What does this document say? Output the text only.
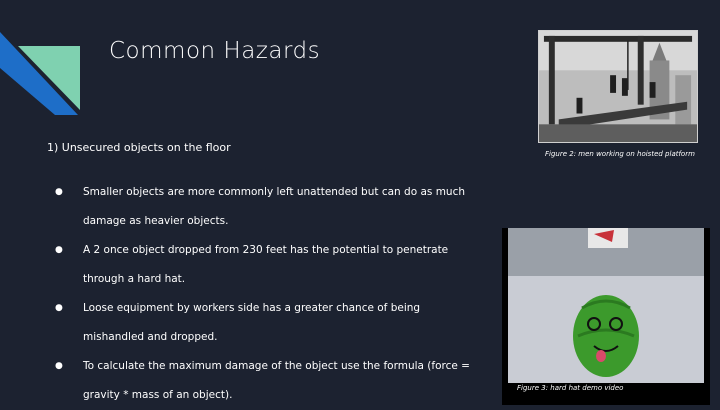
Common Hazards
1) Unsecured objects on the floor
● Smaller objects are more commonly left unattended but can do as much damage as heavier objects.
● A 2 once object dropped from 230 feet has the potential to penetrate through a hard hat.
● Loose equipment by workers side has a greater chance of being mishandled and dropped.
● To calculate the maximum damage of the object use the formula (force = gravity * mass of an object).
Figure 2: men working on hoisted platform
Figure 3: hard hat demo video
